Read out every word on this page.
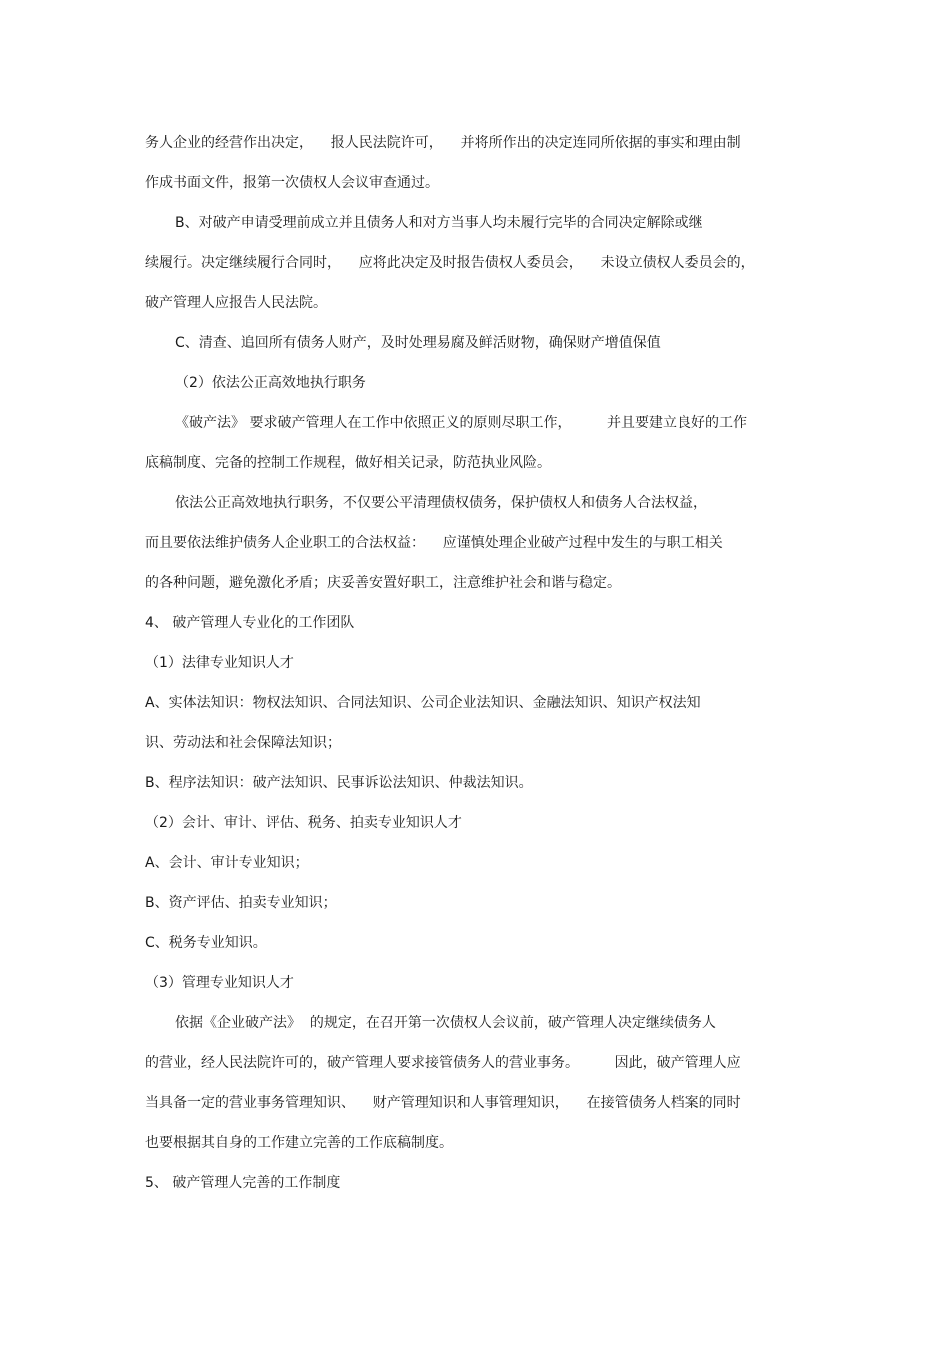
务人企业的经营作出决定，    报人民法院许可，    并将所作出的决定连同所依据的事实和理由制
作成书面文件，报第一次债权人会议审查通过。
B、对破产申请受理前成立并且债务人和对方当事人均未履行完毕的合同决定解除或继
续履行。决定继续履行合同时，    应将此决定及时报告债权人委员会，    未设立债权人委员会的，
破产管理人应报告人民法院。
C、清查、追回所有债务人财产，及时处理易腐及鲜活财物，确保财产增值保值
（2）依法公正高效地执行职务
《破产法》 要求破产管理人在工作中依照正义的原则尽职工作，        并且要建立良好的工作
底稿制度、完备的控制工作规程，做好相关记录，防范执业风险。
依法公正高效地执行职务，不仅要公平清理债权债务，保护债权人和债务人合法权益，
而且要依法维护债务人企业职工的合法权益：    应谨慎处理企业破产过程中发生的与职工相关
的各种问题，避免激化矛盾；庆妥善安置好职工，注意维护社会和谐与稳定。
4、 破产管理人专业化的工作团队
（1）法律专业知识人才
A、实体法知识：物权法知识、合同法知识、公司企业法知识、金融法知识、知识产权法知
识、劳动法和社会保障法知识；
B、程序法知识：破产法知识、民事诉讼法知识、仲裁法知识。
（2）会计、审计、评估、税务、拍卖专业知识人才
A、会计、审计专业知识；
B、资产评估、拍卖专业知识；
C、税务专业知识。
（3）管理专业知识人才
依据《企业破产法》  的规定，在召开第一次债权人会议前，破产管理人决定继续债务人
的营业，经人民法院许可的，破产管理人要求接管债务人的营业事务。        因此，破产管理人应
当具备一定的营业事务管理知识、    财产管理知识和人事管理知识，    在接管债务人档案的同时
也要根据其自身的工作建立完善的工作底稿制度。
5、 破产管理人完善的工作制度
